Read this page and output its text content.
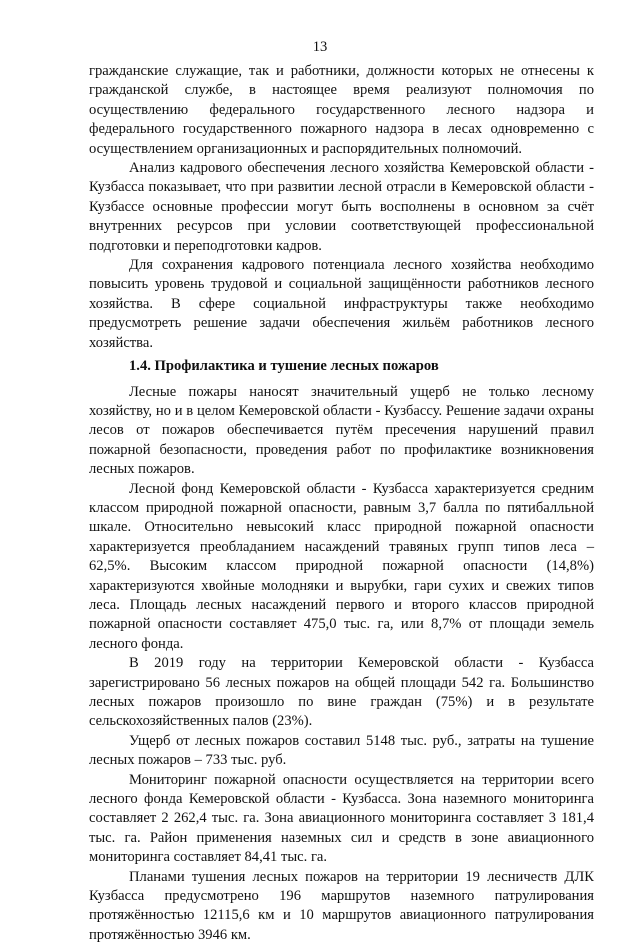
13

гражданские служащие, так и работники, должности которых не отнесены к гражданской службе, в настоящее время реализуют полномочия по осуществлению федерального государственного лесного надзора и федерального государственного пожарного надзора в лесах одновременно с осуществлением организационных и распорядительных полномочий.

Анализ кадрового обеспечения лесного хозяйства Кемеровской области - Кузбасса показывает, что при развитии лесной отрасли в Кемеровской области - Кузбассе основные профессии могут быть восполнены в основном за счёт внутренних ресурсов при условии соответствующей профессиональной подготовки и переподготовки кадров.

Для сохранения кадрового потенциала лесного хозяйства необходимо повысить уровень трудовой и социальной защищённости работников лесного хозяйства. В сфере социальной инфраструктуры также необходимо предусмотреть решение задачи обеспечения жильём работников лесного хозяйства.

1.4. Профилактика и тушение лесных пожаров

Лесные пожары наносят значительный ущерб не только лесному хозяйству, но и в целом Кемеровской области - Кузбассу. Решение задачи охраны лесов от пожаров обеспечивается путём пресечения нарушений правил пожарной безопасности, проведения работ по профилактике возникновения лесных пожаров.

Лесной фонд Кемеровской области - Кузбасса характеризуется средним классом природной пожарной опасности, равным 3,7 балла по пятибалльной шкале. Относительно невысокий класс природной пожарной опасности характеризуется преобладанием насаждений травяных групп типов леса – 62,5%. Высоким классом природной пожарной опасности (14,8%) характеризуются хвойные молодняки и вырубки, гари сухих и свежих типов леса. Площадь лесных насаждений первого и второго классов природной пожарной опасности составляет 475,0 тыс. га, или 8,7% от площади земель лесного фонда.

В 2019 году на территории Кемеровской области - Кузбасса зарегистрировано 56 лесных пожаров на общей площади 542 га. Большинство лесных пожаров произошло по вине граждан (75%) и в результате сельскохозяйственных палов (23%).

Ущерб от лесных пожаров составил 5148 тыс. руб., затраты на тушение лесных пожаров – 733 тыс. руб.

Мониторинг пожарной опасности осуществляется на территории всего лесного фонда Кемеровской области - Кузбасса. Зона наземного мониторинга составляет 2 262,4 тыс. га. Зона авиационного мониторинга составляет 3 181,4 тыс. га. Район применения наземных сил и средств в зоне авиационного мониторинга составляет 84,41 тыс. га.

Планами тушения лесных пожаров на территории 19 лесничеств ДЛК Кузбасса предусмотрено 196 маршрутов наземного патрулирования протяжённостью 12115,6 км и 10 маршрутов авиационного патрулирования протяжённостью 3946 км.
